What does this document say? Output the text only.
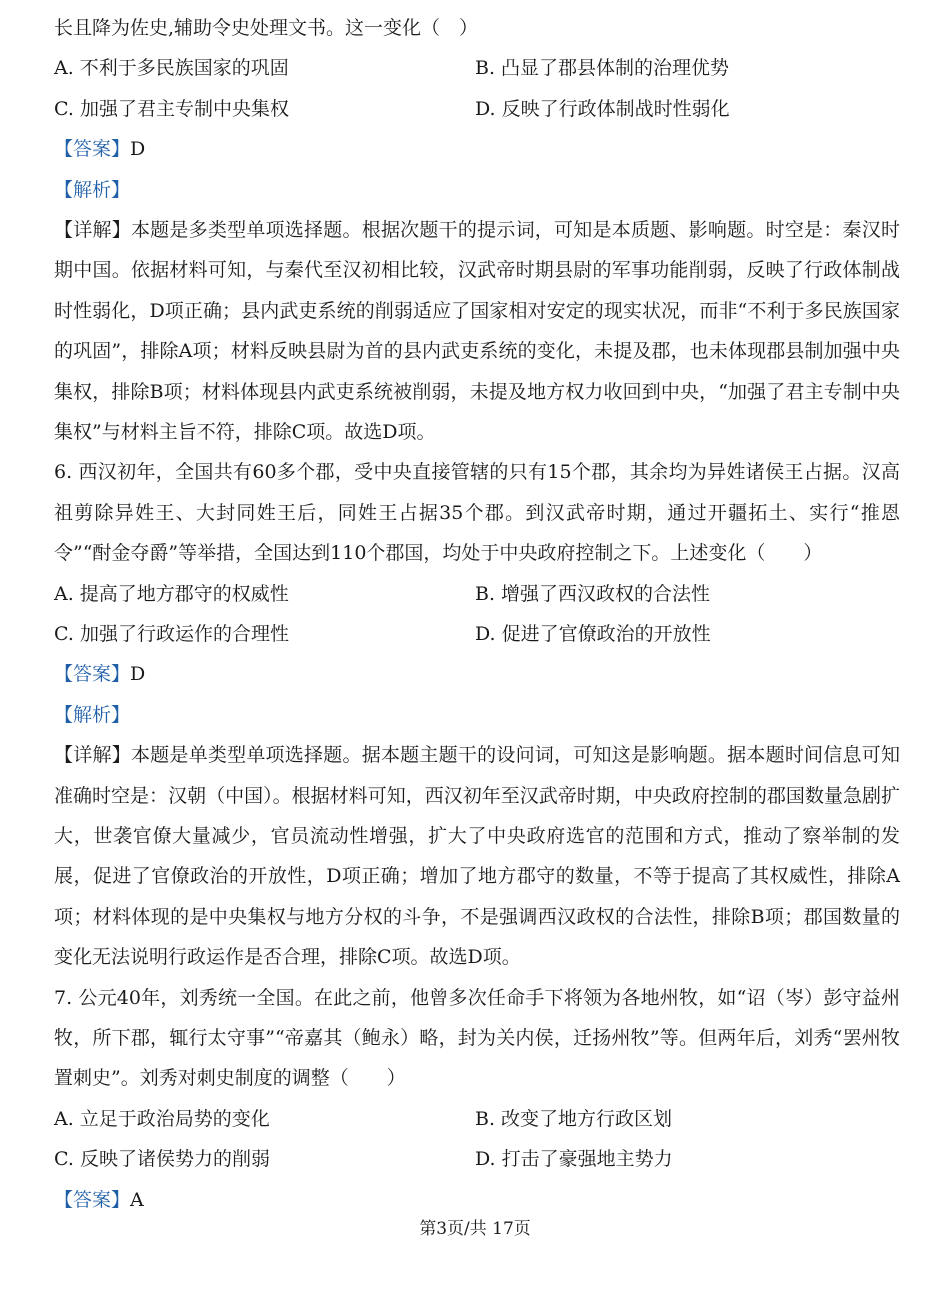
长且降为佐史,辅助令史处理文书。这一变化（　）
A. 不利于多民族国家的巩固	B. 凸显了郡县体制的治理优势
C. 加强了君主专制中央集权	D. 反映了行政体制战时性弱化
【答案】D
【解析】

【详解】本题是多类型单项选择题。根据次题干的提示词，可知是本质题、影响题。时空是：秦汉时期中国。依据材料可知，与秦代至汉初相比较，汉武帝时期县尉的军事功能削弱，反映了行政体制战时性弱化，D项正确；县内武吏系统的削弱适应了国家相对安定的现实状况，而非“不利于多民族国家的巩固”，排除A项；材料反映县尉为首的县内武吏系统的变化，未提及郡，也未体现郡县制加强中央集权，排除B项；材料体现县内武吏系统被削弱，未提及地方权力收回到中央，“加强了君主专制中央集权”与材料主旨不符，排除C项。故选D项。

6. 西汉初年，全国共有60多个郡，受中央直接管辖的只有15个郡，其余均为异姓诸侯王占据。汉高祖剪除异姓王、大封同姓王后，同姓王占据35个郡。到汉武帝时期，通过开疆拓土、实行“推恩令”“酎金夺爵”等举措，全国达到110个郡国，均处于中央政府控制之下。上述变化（　　）

A. 提高了地方郡守的权威性	B. 增强了西汉政权的合法性
C. 加强了行政运作的合理性	D. 促进了官僚政治的开放性
【答案】D
【解析】

【详解】本题是单类型单项选择题。据本题主题干的设问词，可知这是影响题。据本题时间信息可知准确时空是：汉朝（中国）。根据材料可知，西汉初年至汉武帝时期，中央政府控制的郡国数量急剧扩大，世袭官僚大量减少，官员流动性增强，扩大了中央政府选官的范围和方式，推动了察举制的发展，促进了官僚政治的开放性，D项正确；增加了地方郡守的数量，不等于提高了其权威性，排除A项；材料体现的是中央集权与地方分权的斗争，不是强调西汉政权的合法性，排除B项；郡国数量的变化无法说明行政运作是否合理，排除C项。故选D项。

7. 公元40年，刘秀统一全国。在此之前，他曾多次任命手下将领为各地州牧，如“诏（岑）彭守益州牧，所下郡，辄行太守事”“帝嘉其（鲍永）略，封为关内侯，迁扬州牧”等。但两年后，刘秀“罢州牧置刺史”。刘秀对刺史制度的调整（　　）

A. 立足于政治局势的变化	B. 改变了地方行政区划
C. 反映了诸侯势力的削弱	D. 打击了豪强地主势力
【答案】A
第3页/共 17页
